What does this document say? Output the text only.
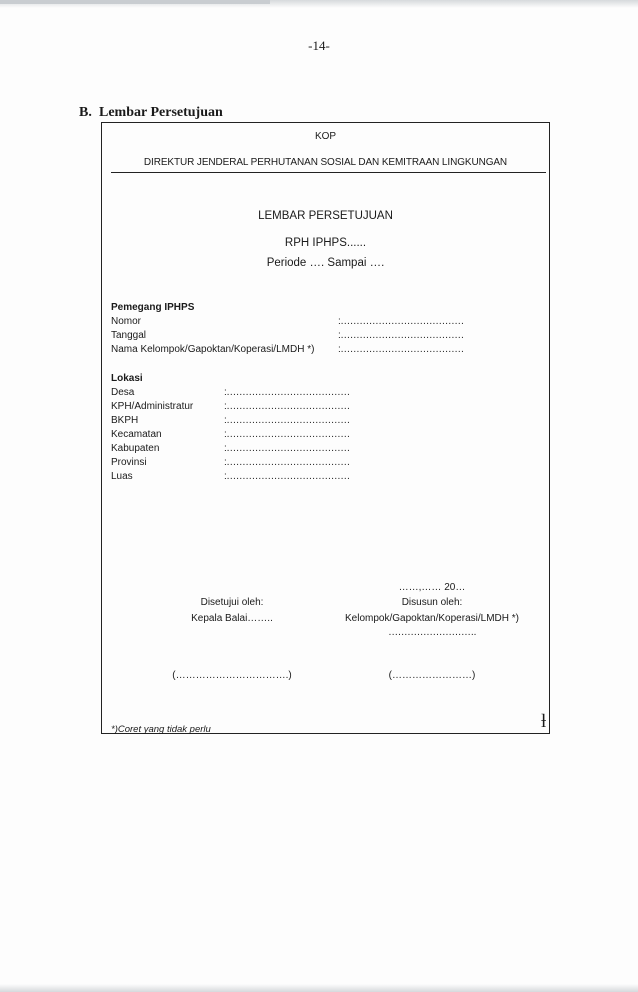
-14-
B. Lembar Persetujuan
KOP
DIREKTUR JENDERAL PERHUTANAN SOSIAL DAN KEMITRAAN LINGKUNGAN
LEMBAR PERSETUJUAN
RPH IPHPS......
Periode …. Sampai ….
Pemegang IPHPS
Nomor	:…………………………………
Tanggal	:…………………………………
Nama Kelompok/Gapoktan/Koperasi/LMDH *) :…………………………………
Lokasi
Desa	:…………………………………
KPH/Administratur	:…………………………………
BKPH	:…………………………………
Kecamatan	:…………………………………
Kabupaten	:…………………………………
Provinsi	:…………………………………
Luas	:…………………………………
……,…… 20…
Disetujui oleh:
Kepala Balai……..
(…………………………….)
Disusun oleh:
Kelompok/Gapoktan/Koperasi/LMDH *)
……………………….
(……………………)
*)Coret yang tidak perlu	ƚ
